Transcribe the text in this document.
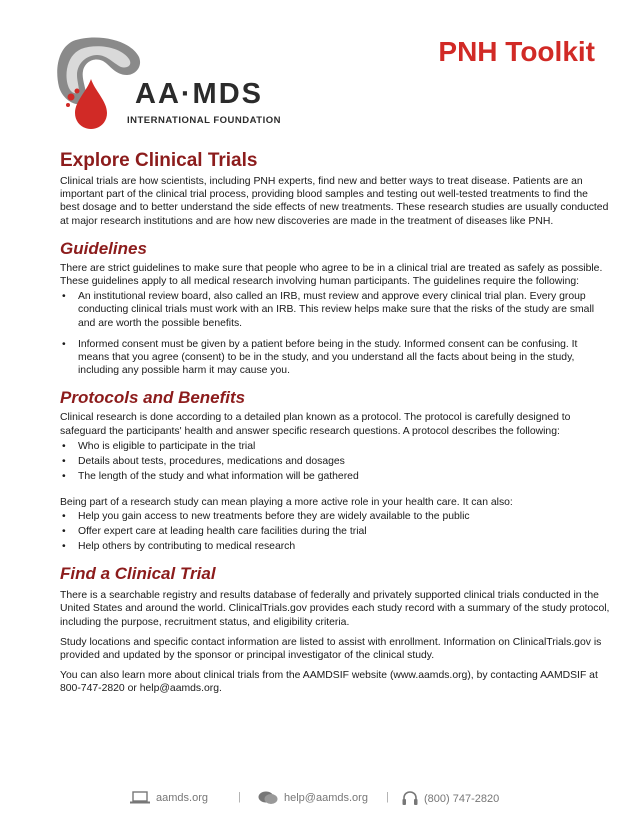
AA·MDS
INTERNATIONAL FOUNDATION
PNH Toolkit
Explore Clinical Trials

Clinical trials are how scientists, including PNH experts, find new and better ways to treat disease. Patients are an important part of the clinical trial process, providing blood samples and testing out well-tested treatments to find the best dosage and to better understand the side effects of new treatments. These research studies are usually conducted at major research institutions and are how new discoveries are made in the treatment of diseases like PNH.

Guidelines

There are strict guidelines to make sure that people who agree to be in a clinical trial are treated as safely as possible. These guidelines apply to all medical research involving human participants. The guidelines require the following:

• An institutional review board, also called an IRB, must review and approve every clinical trial plan. Every group conducting clinical trials must work with an IRB. This review helps make sure that the risks of the study are small and are worth the possible benefits.
• Informed consent must be given by a patient before being in the study. Informed consent can be confusing. It means that you agree (consent) to be in the study, and you understand all the facts about being in the study, including any possible harm it may cause you.
Protocols and Benefits

Clinical research is done according to a detailed plan known as a protocol. The protocol is carefully designed to safeguard the participants' health and answer specific research questions. A protocol describes the following:

• Who is eligible to participate in the trial
• Details about tests, procedures, medications and dosages
• The length of the study and what information will be gathered

Being part of a research study can mean playing a more active role in your health care. It can also:

• Help you gain access to new treatments before they are widely available to the public
• Offer expert care at leading health care facilities during the trial
• Help others by contributing to medical research
Find a Clinical Trial

There is a searchable registry and results database of federally and privately supported clinical trials conducted in the United States and around the world. ClinicalTrials.gov provides each study record with a summary of the study protocol, including the purpose, recruitment status, and eligibility criteria.

Study locations and specific contact information are listed to assist with enrollment. Information on ClinicalTrials.gov is provided and updated by the sponsor or principal investigator of the clinical study.

You can also learn more about clinical trials from the AAMDSIF website (www.aamds.org), by contacting AAMDSIF at 800-747-2820 or help@aamds.org.

aamds.org	|	help@aamds.org |	(800) 747-2820
